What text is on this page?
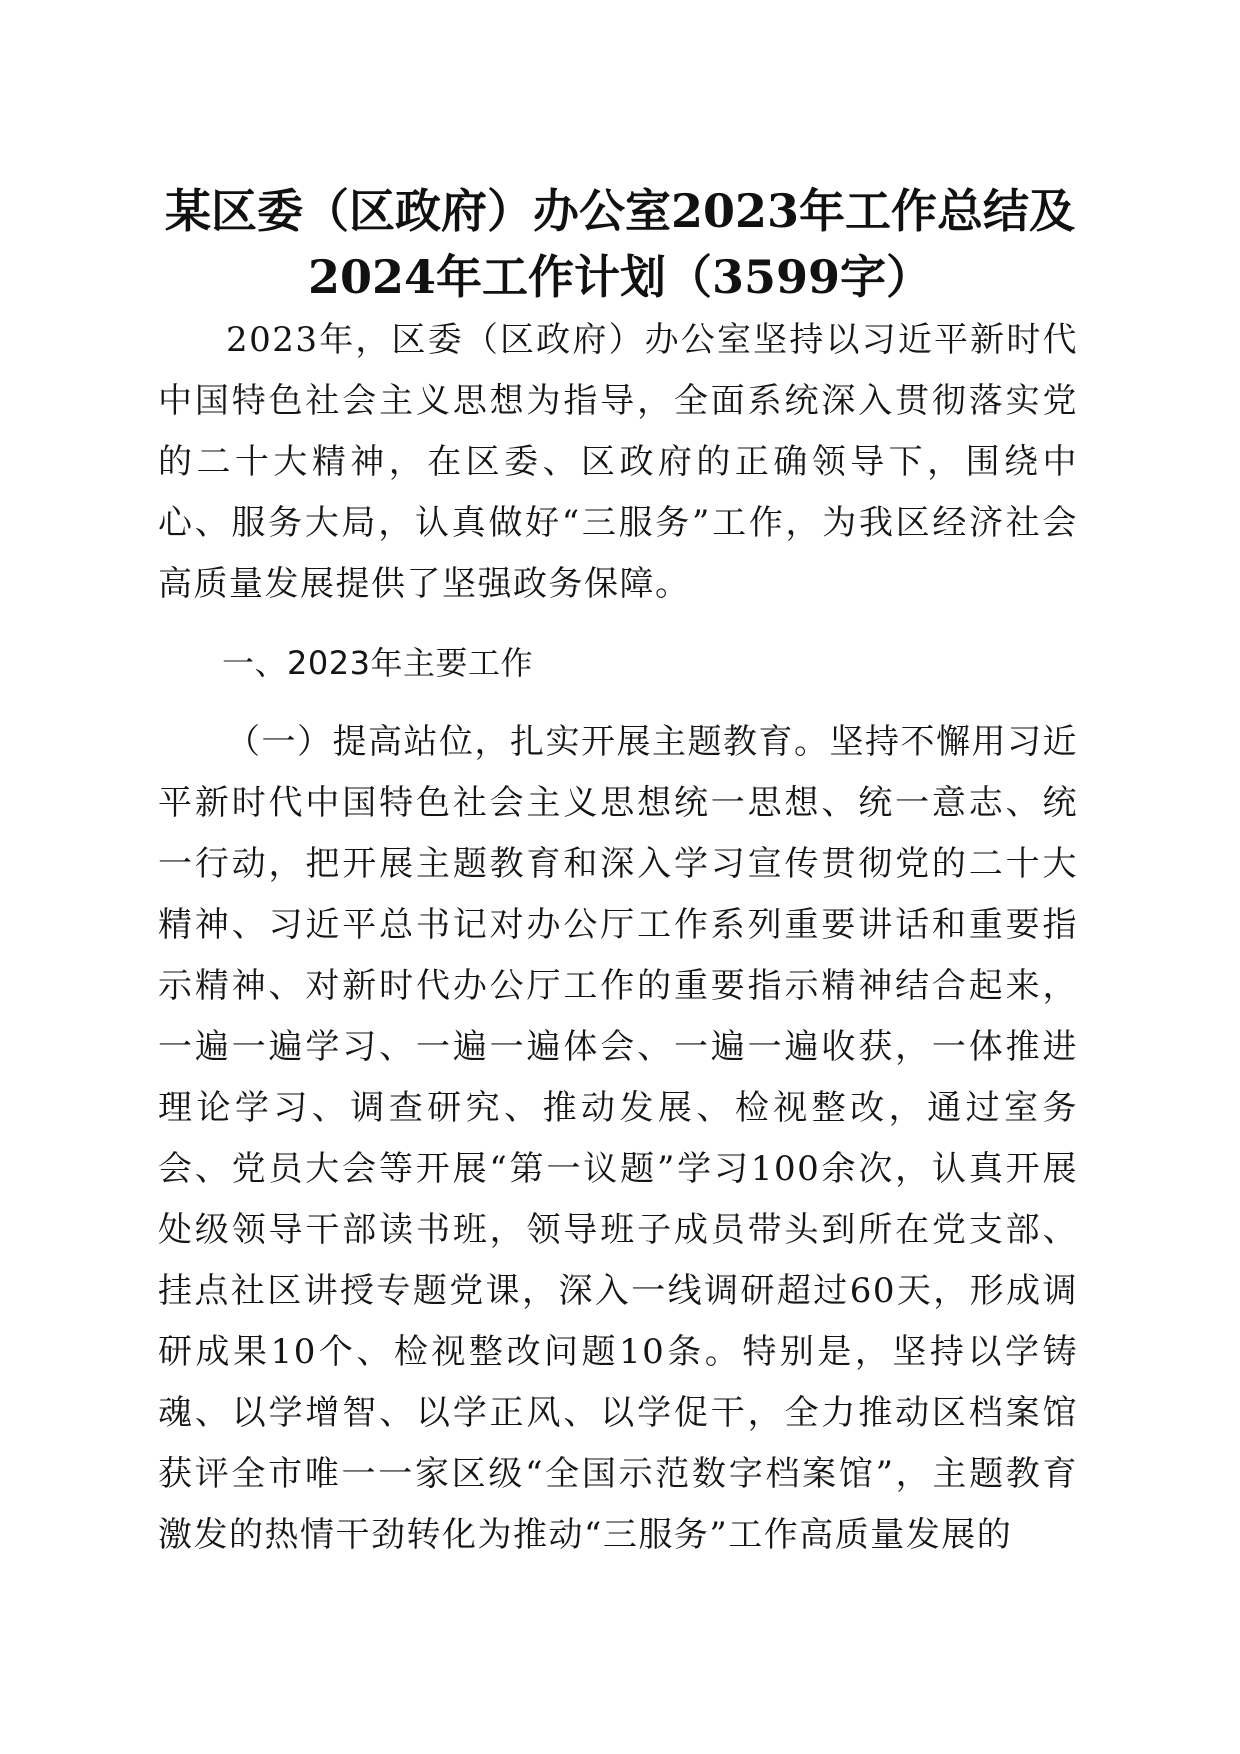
某区委（区政府）办公室2023年工作总结及
2024年工作计划（3599字）

2023年，区委（区政府）办公室坚持以习近平新时代中国特色社会主义思想为指导，全面系统深入贯彻落实党的二十大精神，在区委、区政府的正确领导下，围绕中心、服务大局，认真做好“三服务”工作，为我区经济社会高质量发展提供了坚强政务保障。

一、2023年主要工作

（一）提高站位，扎实开展主题教育。坚持不懈用习近平新时代中国特色社会主义思想统一思想、统一意志、统一行动，把开展主题教育和深入学习宣传贯彻党的二十大精神、习近平总书记对办公厅工作系列重要讲话和重要指示精神、对新时代办公厅工作的重要指示精神结合起来，一遍一遍学习、一遍一遍体会、一遍一遍收获，一体推进理论学习、调查研究、推动发展、检视整改，通过室务会、党员大会等开展“第一议题”学习100余次，认真开展处级领导干部读书班，领导班子成员带头到所在党支部、挂点社区讲授专题党课，深入一线调研超过60天，形成调研成果10个、检视整改问题10条。特别是，坚持以学铸魂、以学增智、以学正风、以学促干，全力推动区档案馆获评全市唯一一家区级“全国示范数字档案馆”，主题教育激发的热情干劲转化为推动“三服务”工作高质量发展的
